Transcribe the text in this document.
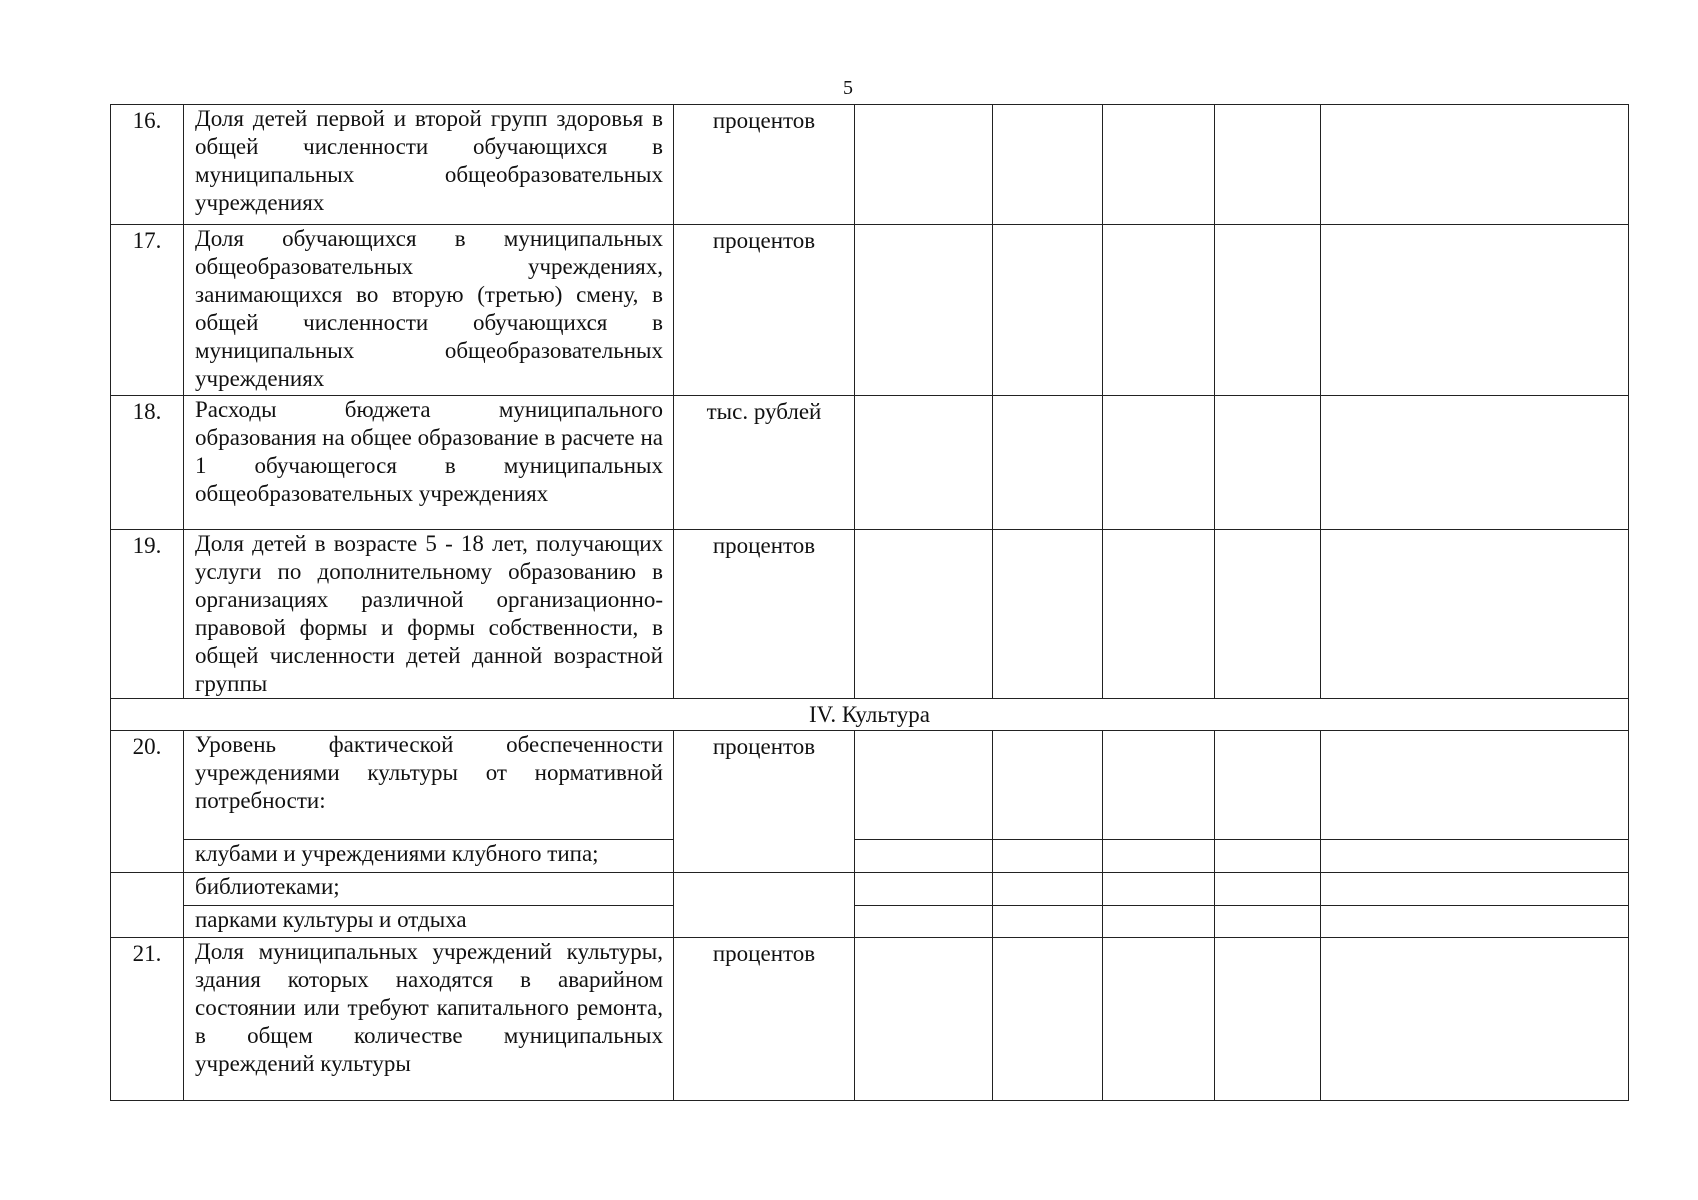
5
16.	Доля детей первой и второй групп здоровья в общей численности обучающихся в муниципальных общеобразовательных учреждениях	процентов					
17.	Доля обучающихся в муниципальных общеобразовательных учреждениях, занимающихся во вторую (третью) смену, в общей численности обучающихся в муниципальных общеобразовательных учреждениях	процентов					
18.	Расходы бюджета муниципального образования на общее образование в расчете на 1 обучающегося в муниципальных общеобразовательных учреждениях	тыс. рублей					
19.	Доля детей в возрасте 5 - 18 лет, получающих услуги по дополнительному образованию в организациях различной организационно-правовой формы и формы собственности, в общей численности детей данной возрастной группы	процентов					
IV. Культура							
20.	Уровень фактической обеспеченности учреждениями культуры от нормативной потребности:	процентов					
	клубами и учреждениями клубного типа;						
	библиотеками;						
	парками культуры и отдыха						
21.	Доля муниципальных учреждений культуры, здания которых находятся в аварийном состоянии или требуют капитального ремонта, в общем количестве муниципальных учреждений культуры	процентов					
